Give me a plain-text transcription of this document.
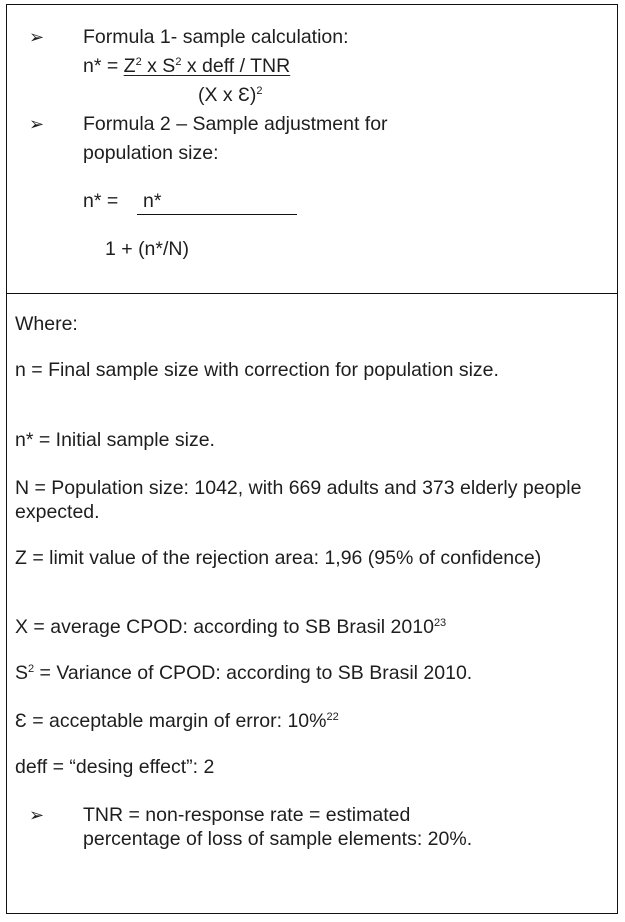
➢ Formula 1- sample calculation:
$n* = Z^2$ x $S^2$ x deff / TNR
(X x Ɛ)$^2$
➢ Formula 2 – Sample adjustment for
population size:
n* = n*
1 + (n*/N)
Where:
n = Final sample size with correction for population size.
n* = Initial sample size.
N = Population size: 1042, with 669 adults and 373 elderly people expected.
Z = limit value of the rejection area: 1,96 (95% of confidence)
X = average CPOD: according to SB Brasil 2010$^{23}$
$S^2$ = Variance of CPOD: according to SB Brasil 2010.
Ɛ = acceptable margin of error: 10%$^{22}$
deff = “desing effect”: 2
➢ TNR = non-response rate = estimated
percentage of loss of sample elements: 20%.
